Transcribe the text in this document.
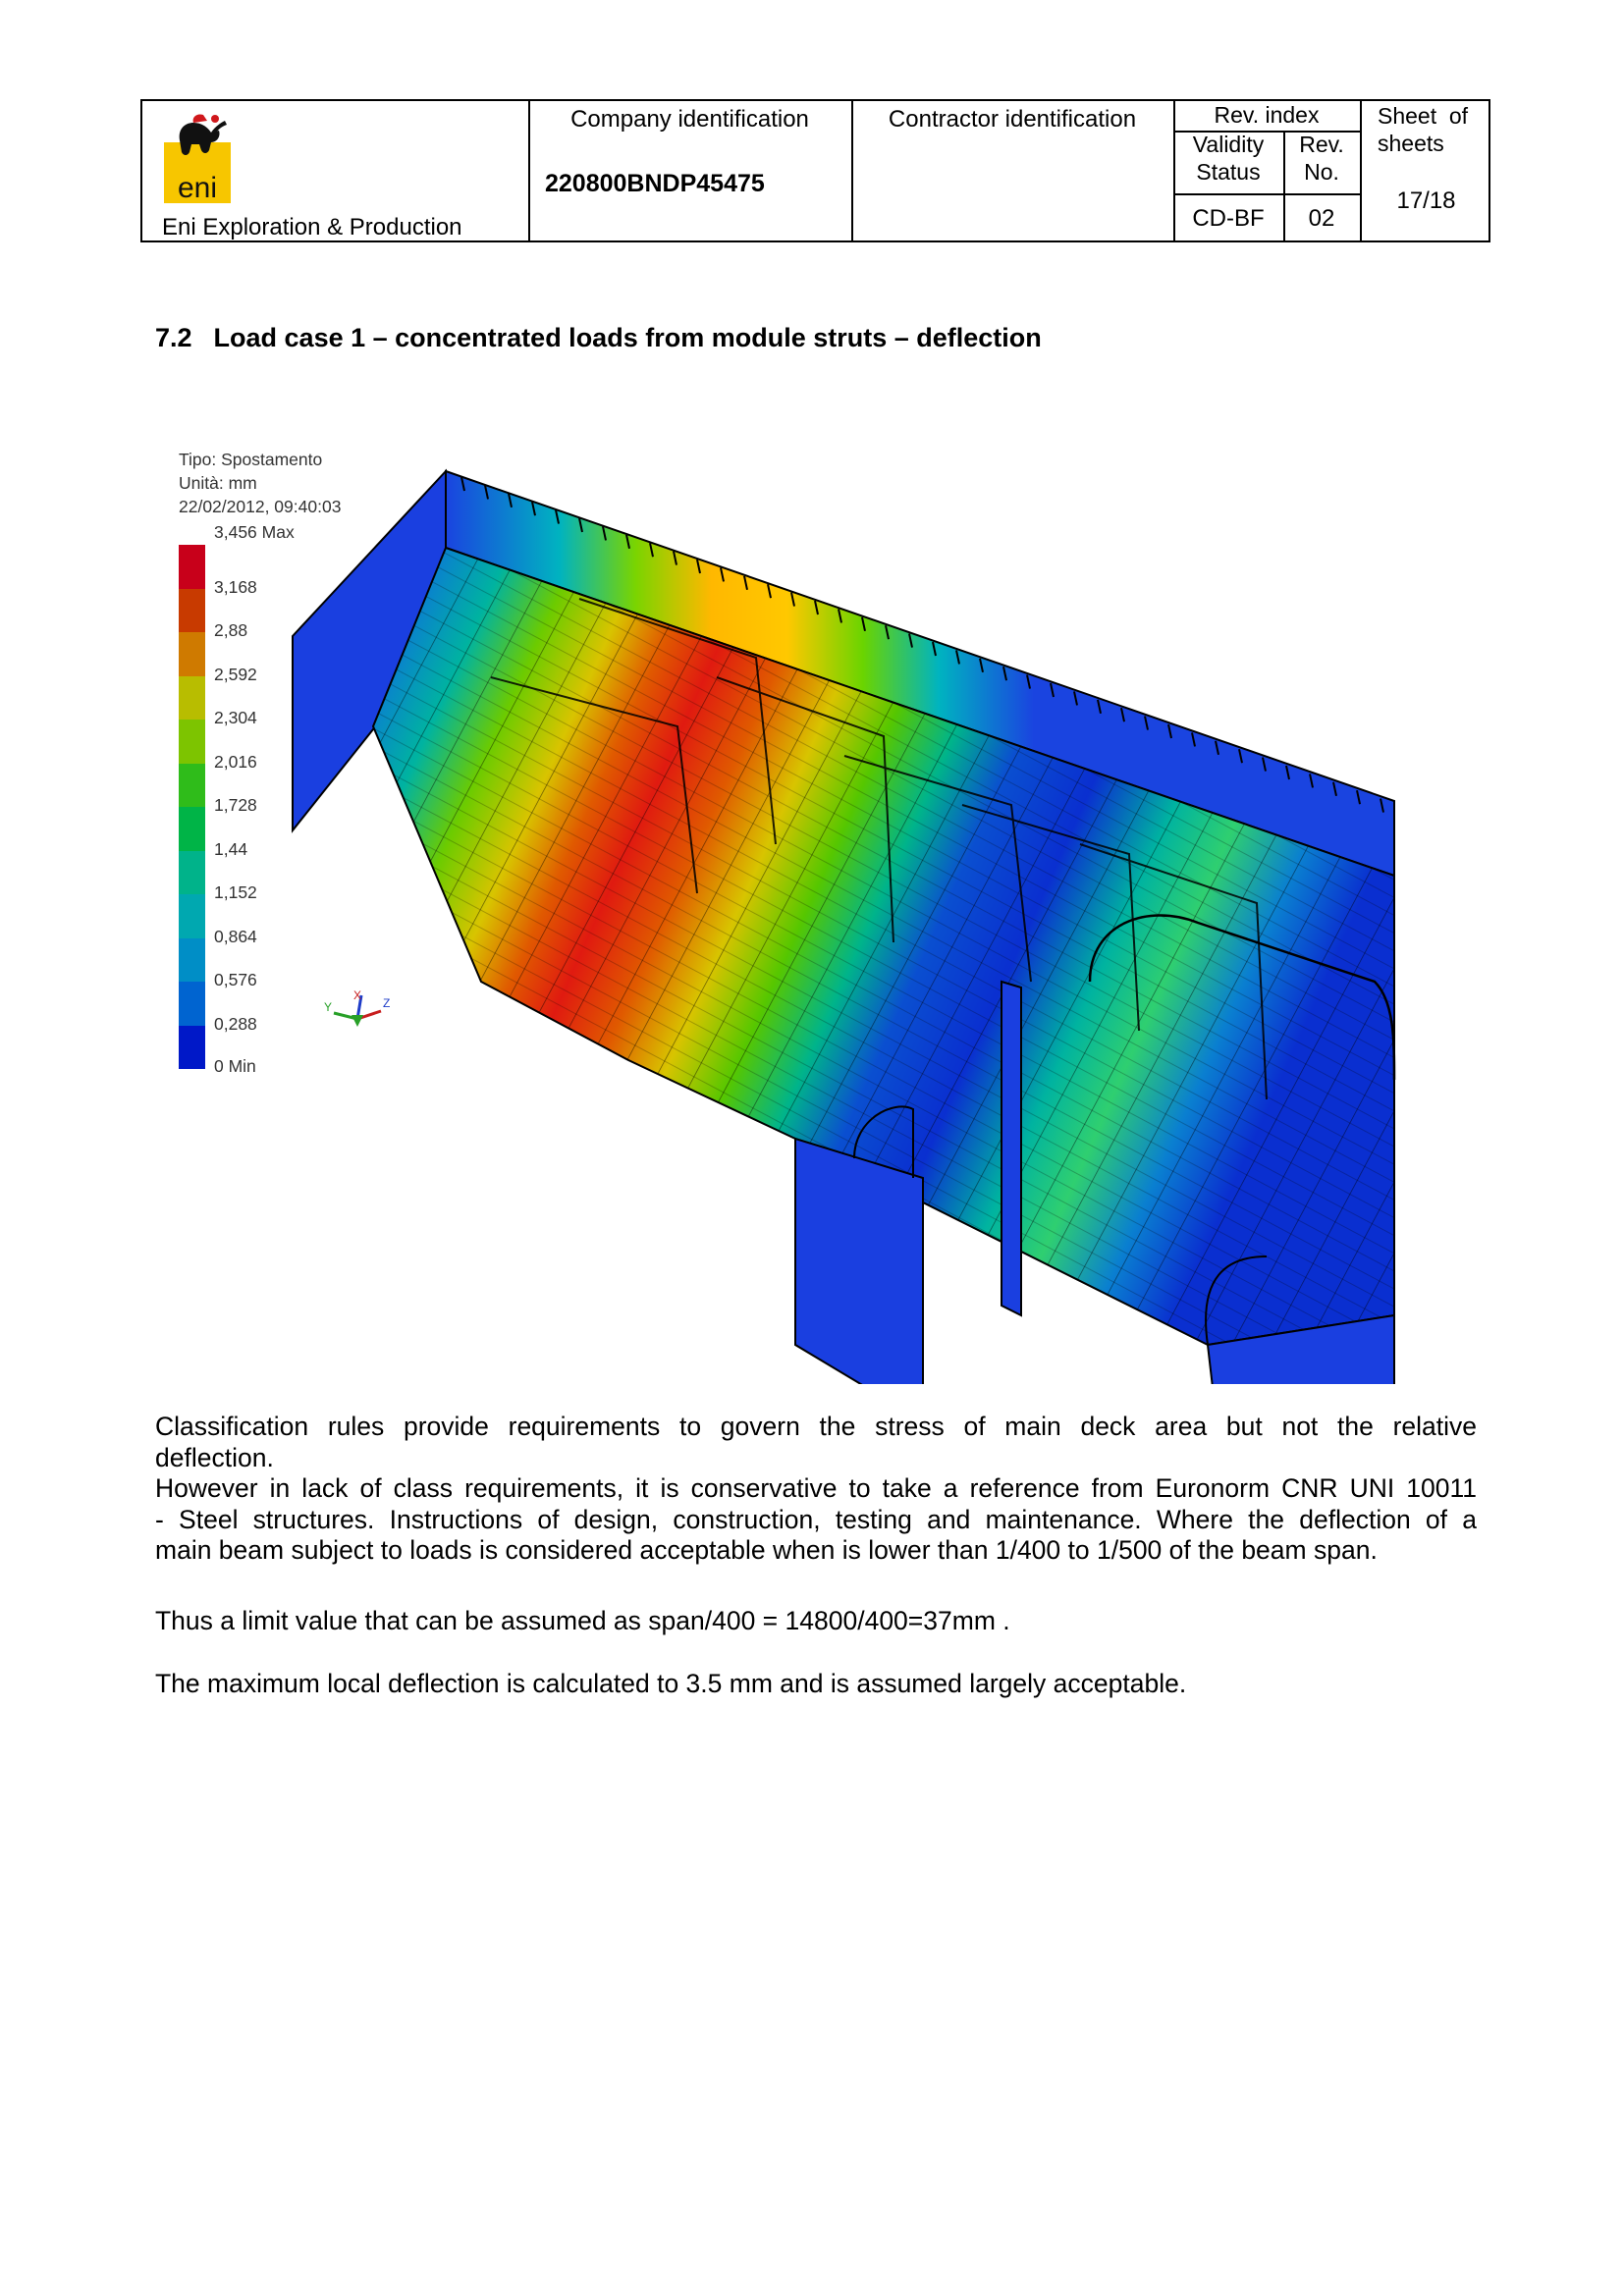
eni
Eni Exploration & Production
Company identification
220800BNDP45475
Contractor identification	Rev. index
Validity
Status
Rev.
No.
CD-BF	02
Sheet  of
sheets
17/18
7.2 Load case 1 – concentrated loads from module struts – deflection
Tipo: Spostamento
Unità: mm
22/02/2012, 09:40:03
3,456 Max
3,168
2,88
2,592
2,304
2,016
1,728
1,44
1,152
0,864
0,576
0,288
0 Min
Y
X
Z
Classification rules provide requirements to govern the stress of main deck area but not the relative
deflection.
However in lack of class requirements, it is conservative to take a reference from Euronorm CNR UNI 10011
- Steel structures. Instructions of design, construction, testing and maintenance. Where the deflection of a
main beam subject to loads is considered acceptable when is lower than 1/400 to 1/500 of the beam span.
Thus a limit value that can be assumed as span/400 = 14800/400=37mm .
The maximum local deflection is calculated to 3.5 mm and is assumed largely acceptable.
